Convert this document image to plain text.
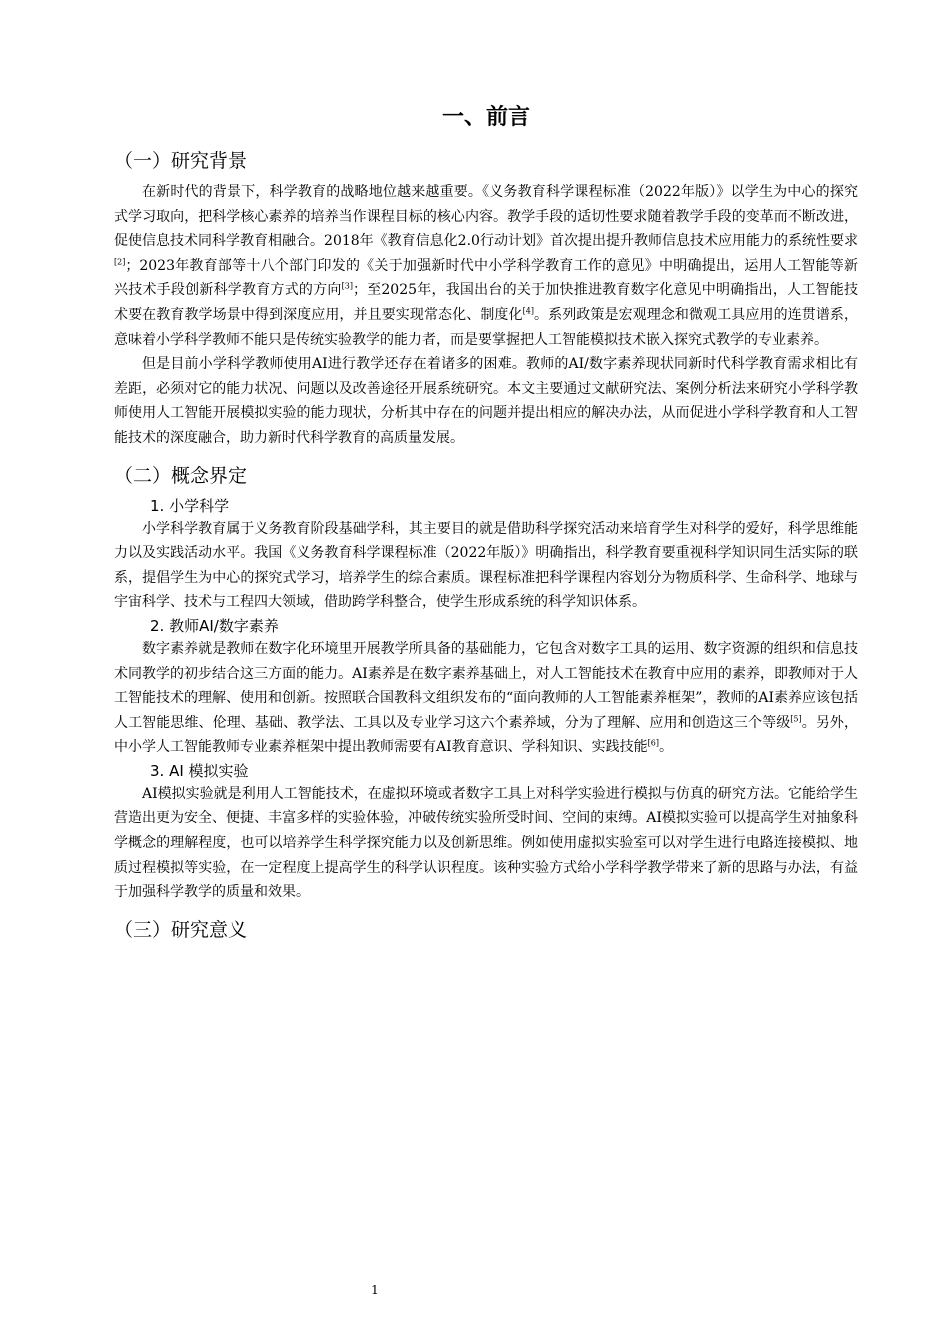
一、前言
（一）研究背景

在新时代的背景下，科学教育的战略地位越来越重要。《义务教育科学课程标准（2022年版）》以学生为中心的探究式学习取向，把科学核心素养的培养当作课程目标的核心内容。教学手段的适切性要求随着教学手段的变革而不断改进，促使信息技术同科学教育相融合。2018年《教育信息化2.0行动计划》首次提出提升教师信息技术应用能力的系统性要求[2]；2023年教育部等十八个部门印发的《关于加强新时代中小学科学教育工作的意见》中明确提出，运用人工智能等新兴技术手段创新科学教育方式的方向[3]；至2025年，我国出台的关于加快推进教育数字化意见中明确指出，人工智能技术要在教育教学场景中得到深度应用，并且要实现常态化、制度化[4]。系列政策是宏观理念和微观工具应用的连贯谱系，意味着小学科学教师不能只是传统实验教学的能力者，而是要掌握把人工智能模拟技术嵌入探究式教学的专业素养。

但是目前小学科学教师使用AI进行教学还存在着诸多的困难。教师的AI/数字素养现状同新时代科学教育需求相比有差距，必须对它的能力状况、问题以及改善途径开展系统研究。本文主要通过文献研究法、案例分析法来研究小学科学教师使用人工智能开展模拟实验的能力现状，分析其中存在的问题并提出相应的解决办法，从而促进小学科学教育和人工智能技术的深度融合，助力新时代科学教育的高质量发展。

（二）概念界定
1. 小学科学

小学科学教育属于义务教育阶段基础学科，其主要目的就是借助科学探究活动来培育学生对科学的爱好，科学思维能力以及实践活动水平。我国《义务教育科学课程标准（2022年版）》明确指出，科学教育要重视科学知识同生活实际的联系，提倡学生为中心的探究式学习，培养学生的综合素质。课程标准把科学课程内容划分为物质科学、生命科学、地球与宇宙科学、技术与工程四大领域，借助跨学科整合，使学生形成系统的科学知识体系。

2. 教师AI/数字素养

数字素养就是教师在数字化环境里开展教学所具备的基础能力，它包含对数字工具的运用、数字资源的组织和信息技术同教学的初步结合这三方面的能力。AI素养是在数字素养基础上，对人工智能技术在教育中应用的素养，即教师对于人工智能技术的理解、使用和创新。按照联合国教科文组织发布的“面向教师的人工智能素养框架”，教师的AI素养应该包括人工智能思维、伦理、基础、教学法、工具以及专业学习这六个素养域，分为了理解、应用和创造这三个等级[5]。另外，中小学人工智能教师专业素养框架中提出教师需要有AI教育意识、学科知识、实践技能[6]。

3. AI 模拟实验

AI模拟实验就是利用人工智能技术，在虚拟环境或者数字工具上对科学实验进行模拟与仿真的研究方法。它能给学生营造出更为安全、便捷、丰富多样的实验体验，冲破传统实验所受时间、空间的束缚。AI模拟实验可以提高学生对抽象科学概念的理解程度，也可以培养学生科学探究能力以及创新思维。例如使用虚拟实验室可以对学生进行电路连接模拟、地质过程模拟等实验，在一定程度上提高学生的科学认识程度。该种实验方式给小学科学教学带来了新的思路与办法，有益于加强科学教学的质量和效果。

（三）研究意义
1
